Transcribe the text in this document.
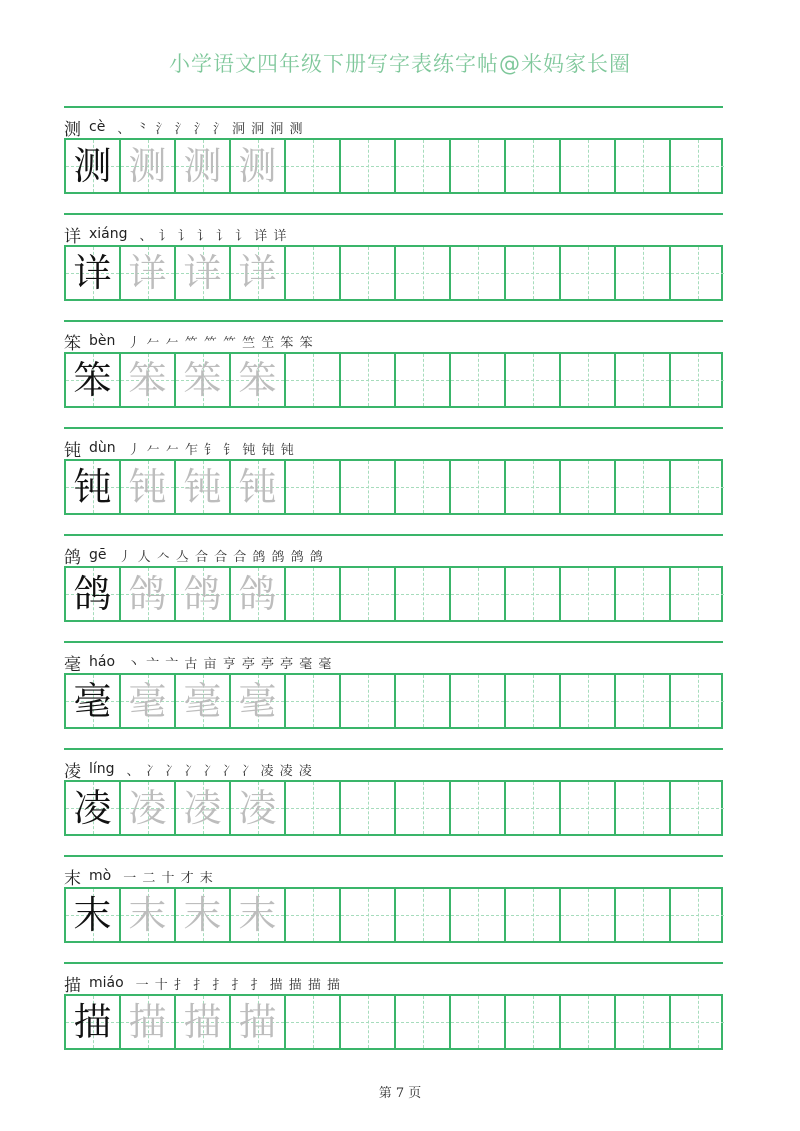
小学语文四年级下册写字表练字帖@米妈家长圈
测 cè 、 ⺀ 氵 氵 氵 氵 泂 泂 泂 测
测 测 测 测
详 xiáng 、 讠 讠 讠 讠 讠 详 详
详 详 详 详
笨 bèn 丿 𠂉 𠂉 ⺮ ⺮ ⺮ 竺 笁 笨 笨
笨 笨 笨 笨
钝 dùn 丿 𠂉 𠂉 乍 钅 钅 钝 钝 钝
钝 钝 钝 钝
鸽 gē 丿 人 𠆢 亼 合 合 合 鸽 鸽 鸽 鸽
鸽 鸽 鸽 鸽
毫 háo 丶 亠 亠 古 亩 亨 亭 亭 亭 毫 毫
毫 毫 毫 毫
凌 líng 、 冫 冫 冫 冫 冫 冫 凌 凌 凌
凌 凌 凌 凌
末 mò 一 二 十 才 末
末 末 末 末
描 miáo 一 十 扌 扌 扌 扌 扌 描 描 描 描
描 描 描 描
第 7 页
